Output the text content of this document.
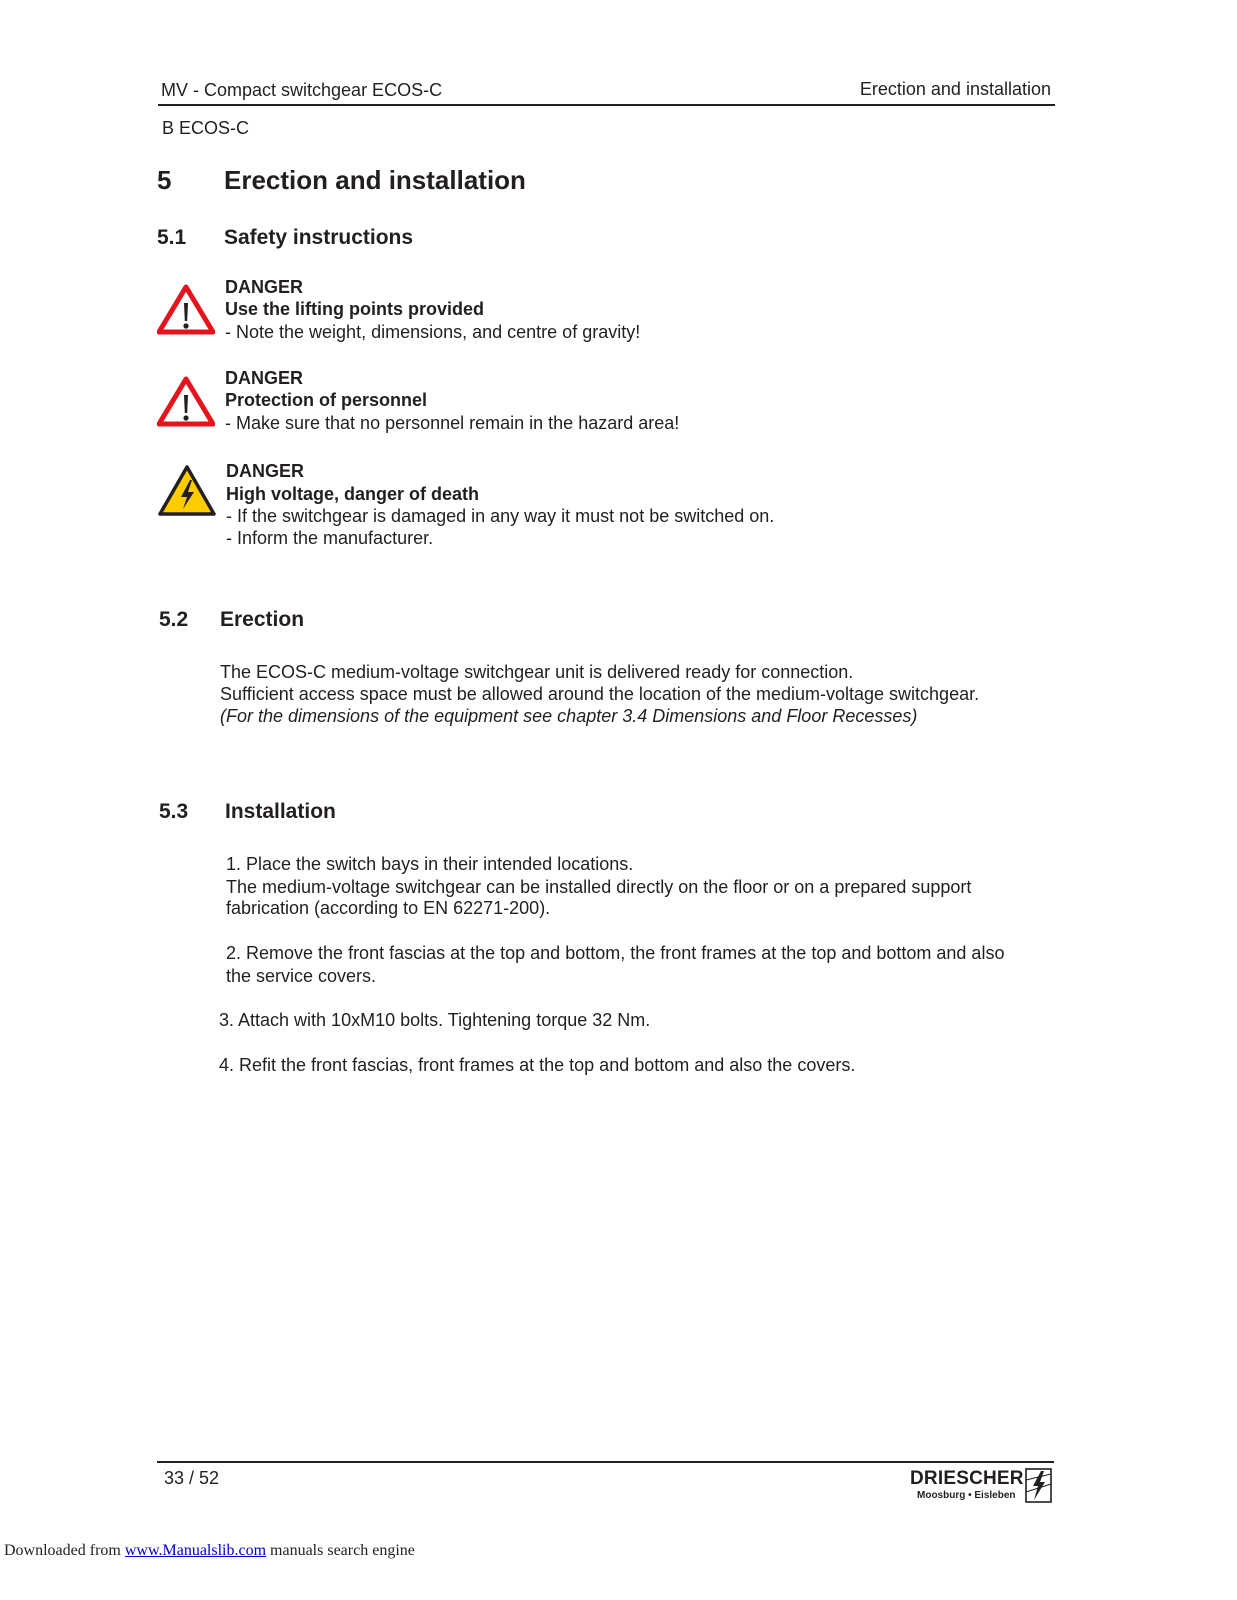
MV - Compact switchgear ECOS-C	Erection and installation
B ECOS-C
5 Erection and installation
5.1 Safety instructions
DANGER
Use the lifting points provided
- Note the weight, dimensions, and centre of gravity!
DANGER
Protection of personnel
- Make sure that no personnel remain in the hazard area!
DANGER
High voltage, danger of death
- If the switchgear is damaged in any way it must not be switched on.
- Inform the manufacturer.
5.2 Erection
The ECOS-C medium-voltage switchgear unit is delivered ready for connection.
Sufficient access space must be allowed around the location of the medium-voltage switchgear.
(For the dimensions of the equipment see chapter 3.4 Dimensions and Floor Recesses)
5.3 Installation
1. Place the switch bays in their intended locations.
The medium-voltage switchgear can be installed directly on the floor or on a prepared support
fabrication (according to EN 62271-200).
2. Remove the front fascias at the top and bottom, the front frames at the top and bottom and also
the service covers.
3. Attach with 10xM10 bolts. Tightening torque 32 Nm.
4. Refit the front fascias, front frames at the top and bottom and also the covers.
33 / 52	DRIESCHER
Moosburg • Eisleben
Downloaded from www.Manualslib.com manuals search engine
